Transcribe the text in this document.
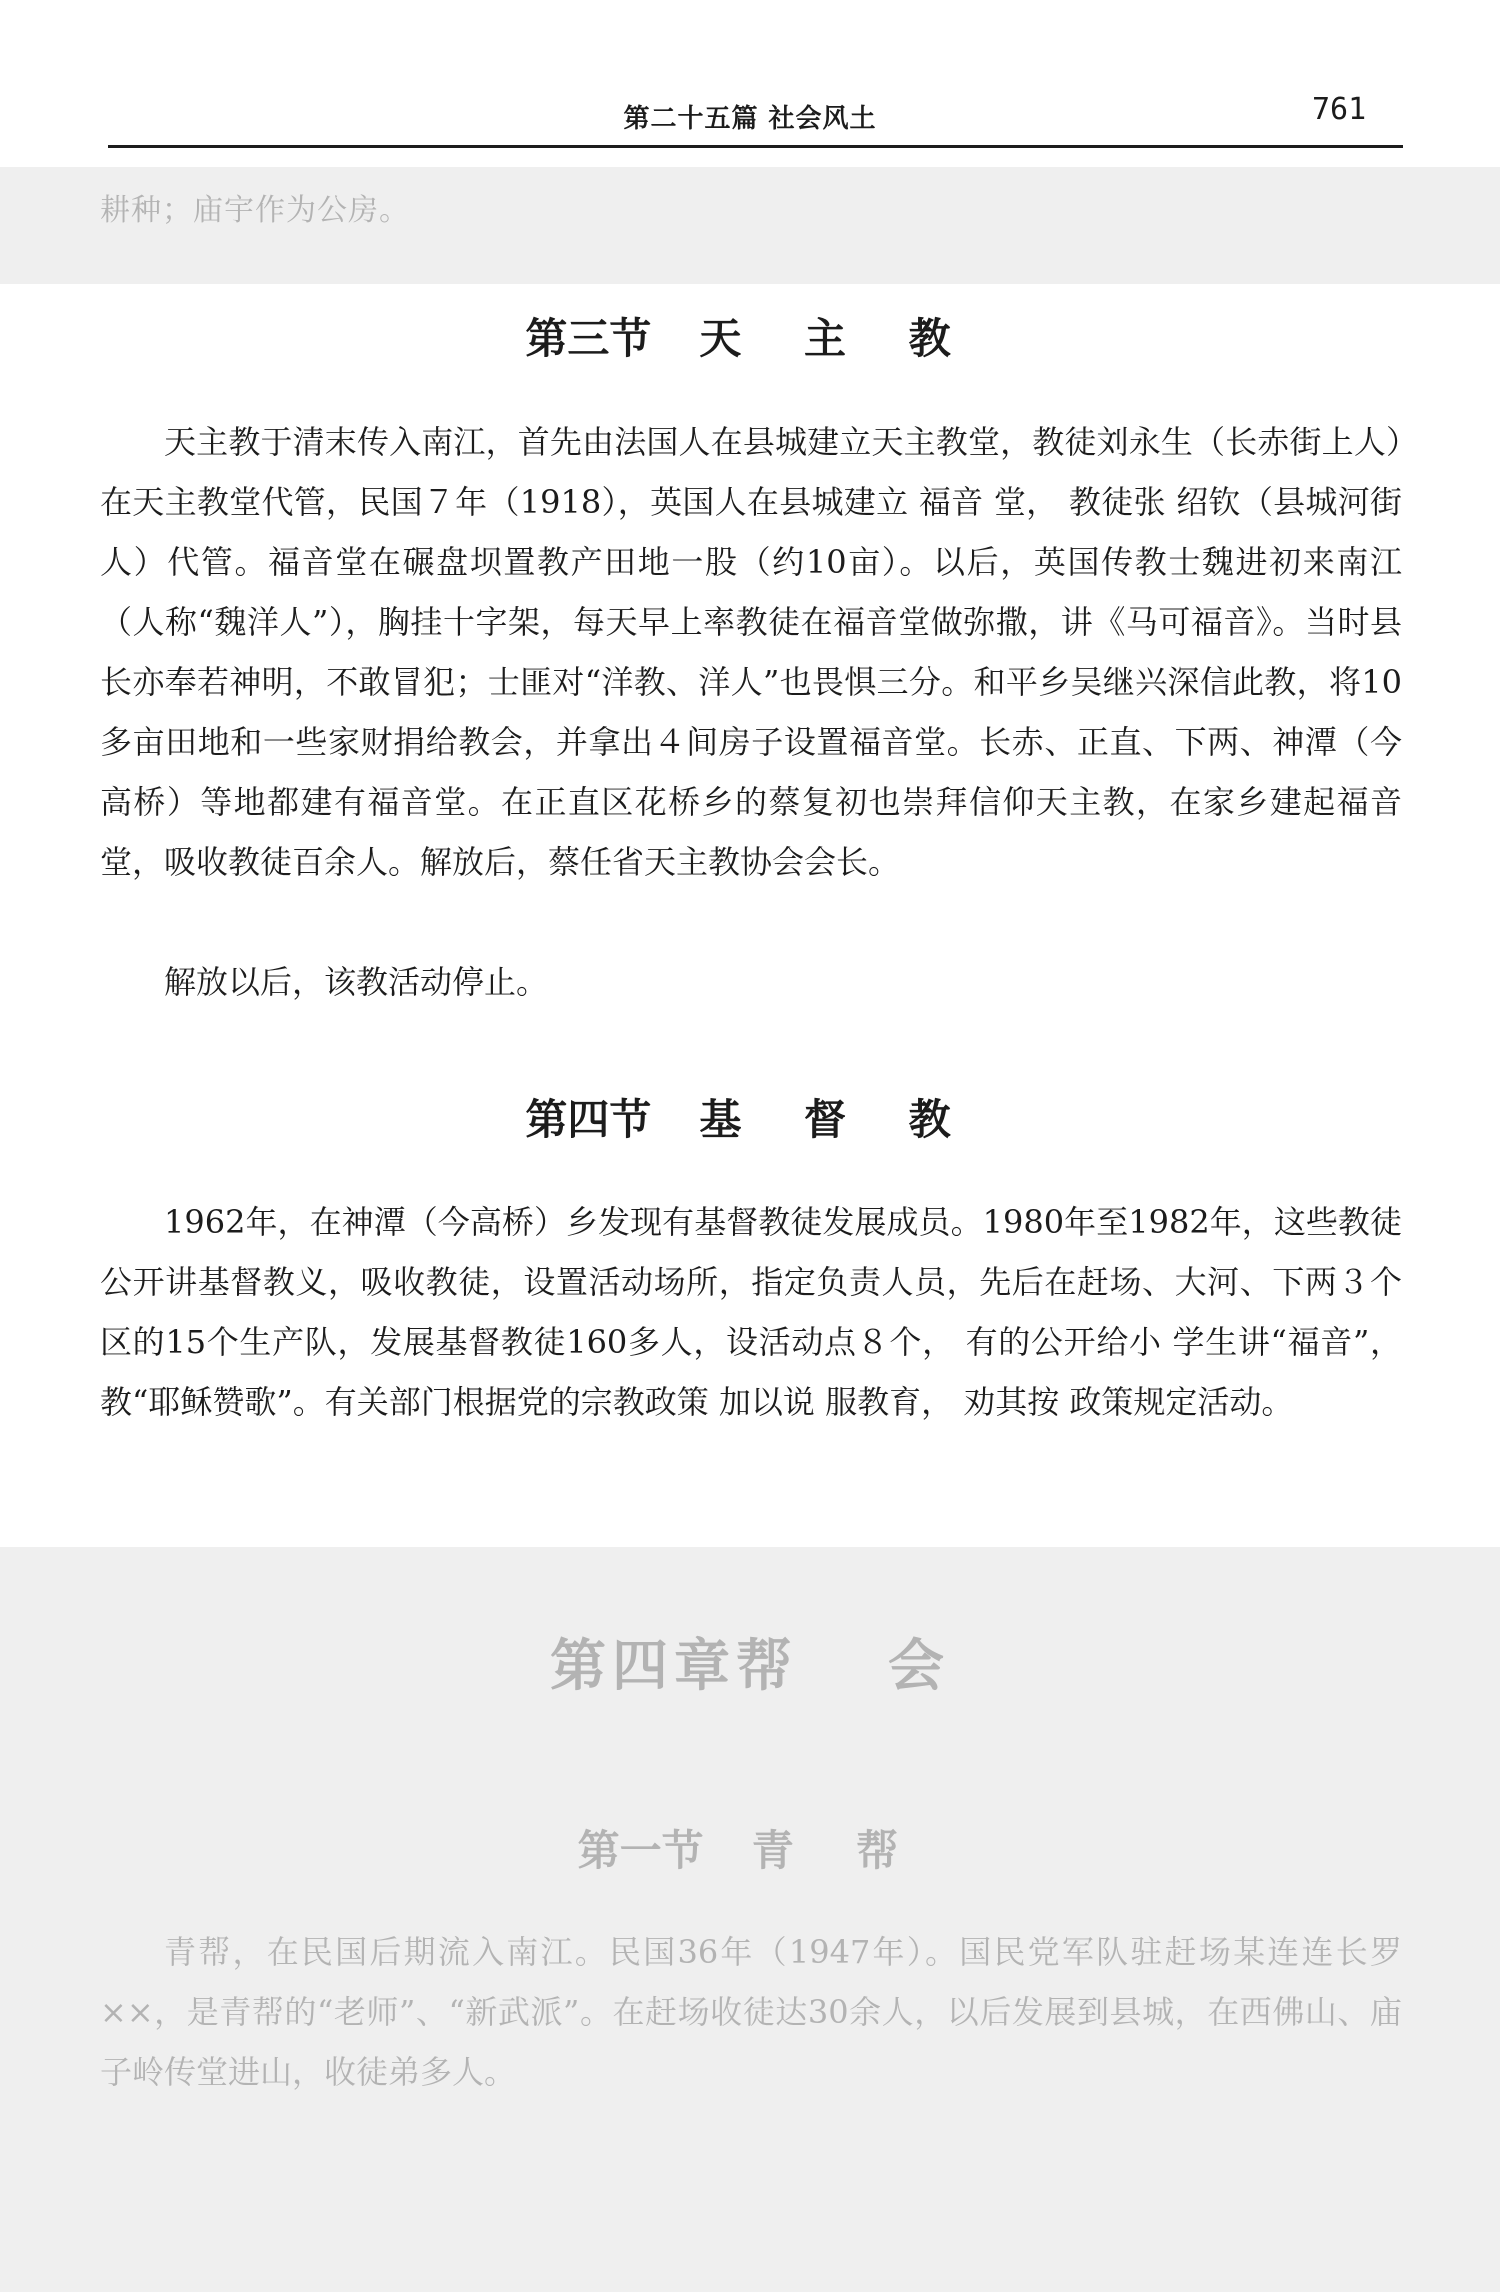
第二十五篇 社会风土	761
耕种；庙宇作为公房。
第三节 天 主 教

天主教于清末传入南江，首先由法国人在县城建立天主教堂，教徒刘永生（长赤街上人）在天主教堂代管，民国７年（1918），英国人在县城建立 福音 堂， 教徒张 绍钦（县城河街人）代管。福音堂在碾盘坝置教产田地一股（约10亩）。以后，英国传教士魏进初来南江（人称“魏洋人”），胸挂十字架，每天早上率教徒在福音堂做弥撒，讲《马可福音》。当时县长亦奉若神明，不敢冒犯；士匪对“洋教、洋人”也畏惧三分。和平乡吴继兴深信此教，将10多亩田地和一些家财捐给教会，并拿出４间房子设置福音堂。长赤、正直、下两、神潭（今高桥）等地都建有福音堂。在正直区花桥乡的蔡复初也崇拜信仰天主教，在家乡建起福音堂，吸收教徒百余人。解放后，蔡任省天主教协会会长。

解放以后，该教活动停止。

第四节 基 督 教

1962年，在神潭（今高桥）乡发现有基督教徒发展成员。1980年至1982年，这些教徒公开讲基督教义，吸收教徒，设置活动场所，指定负责人员，先后在赶场、大河、下两３个区的15个生产队，发展基督教徒160多人，设活动点８个， 有的公开给小 学生讲“福音”，教“耶稣赞歌”。有关部门根据党的宗教政策 加以说 服教育， 劝其按 政策规定活动。

第四章帮 会
第一节 青 帮

青帮，在民国后期流入南江。民国36年（1947年）。国民党军队驻赶场某连连长罗××，是青帮的“老师”、“新武派”。在赶场收徒达30余人，以后发展到县城，在西佛山、庙子岭传堂进山，收徒弟多人。
